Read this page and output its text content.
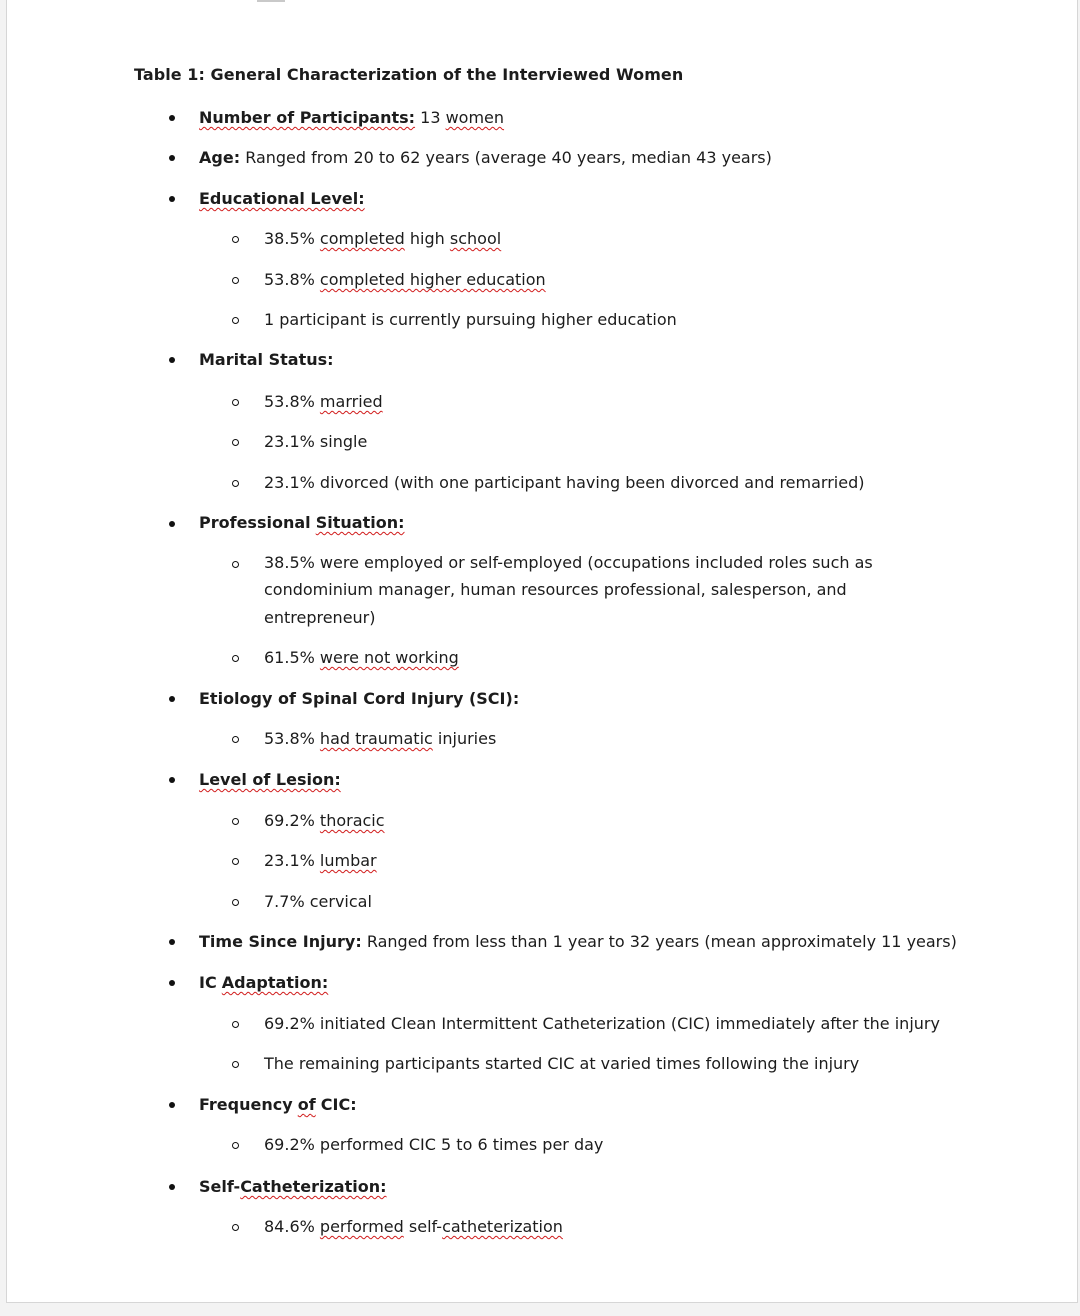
Table 1: General Characterization of the Interviewed Women
Number of Participants: 13 women
Age: Ranged from 20 to 62 years (average 40 years, median 43 years)
Educational Level:
38.5% completed high school
53.8% completed higher education
1 participant is currently pursuing higher education
Marital Status:
53.8% married
23.1% single
23.1% divorced (with one participant having been divorced and remarried)
Professional Situation:
38.5% were employed or self-employed (occupations included roles such as
condominium manager, human resources professional, salesperson, and
entrepreneur)
61.5% were not working
Etiology of Spinal Cord Injury (SCI):
53.8% had traumatic injuries
Level of Lesion:
69.2% thoracic
23.1% lumbar
7.7% cervical
Time Since Injury: Ranged from less than 1 year to 32 years (mean approximately 11 years)
IC Adaptation:
69.2% initiated Clean Intermittent Catheterization (CIC) immediately after the injury
The remaining participants started CIC at varied times following the injury
Frequency of CIC:
69.2% performed CIC 5 to 6 times per day
Self-Catheterization:
84.6% performed self-catheterization
